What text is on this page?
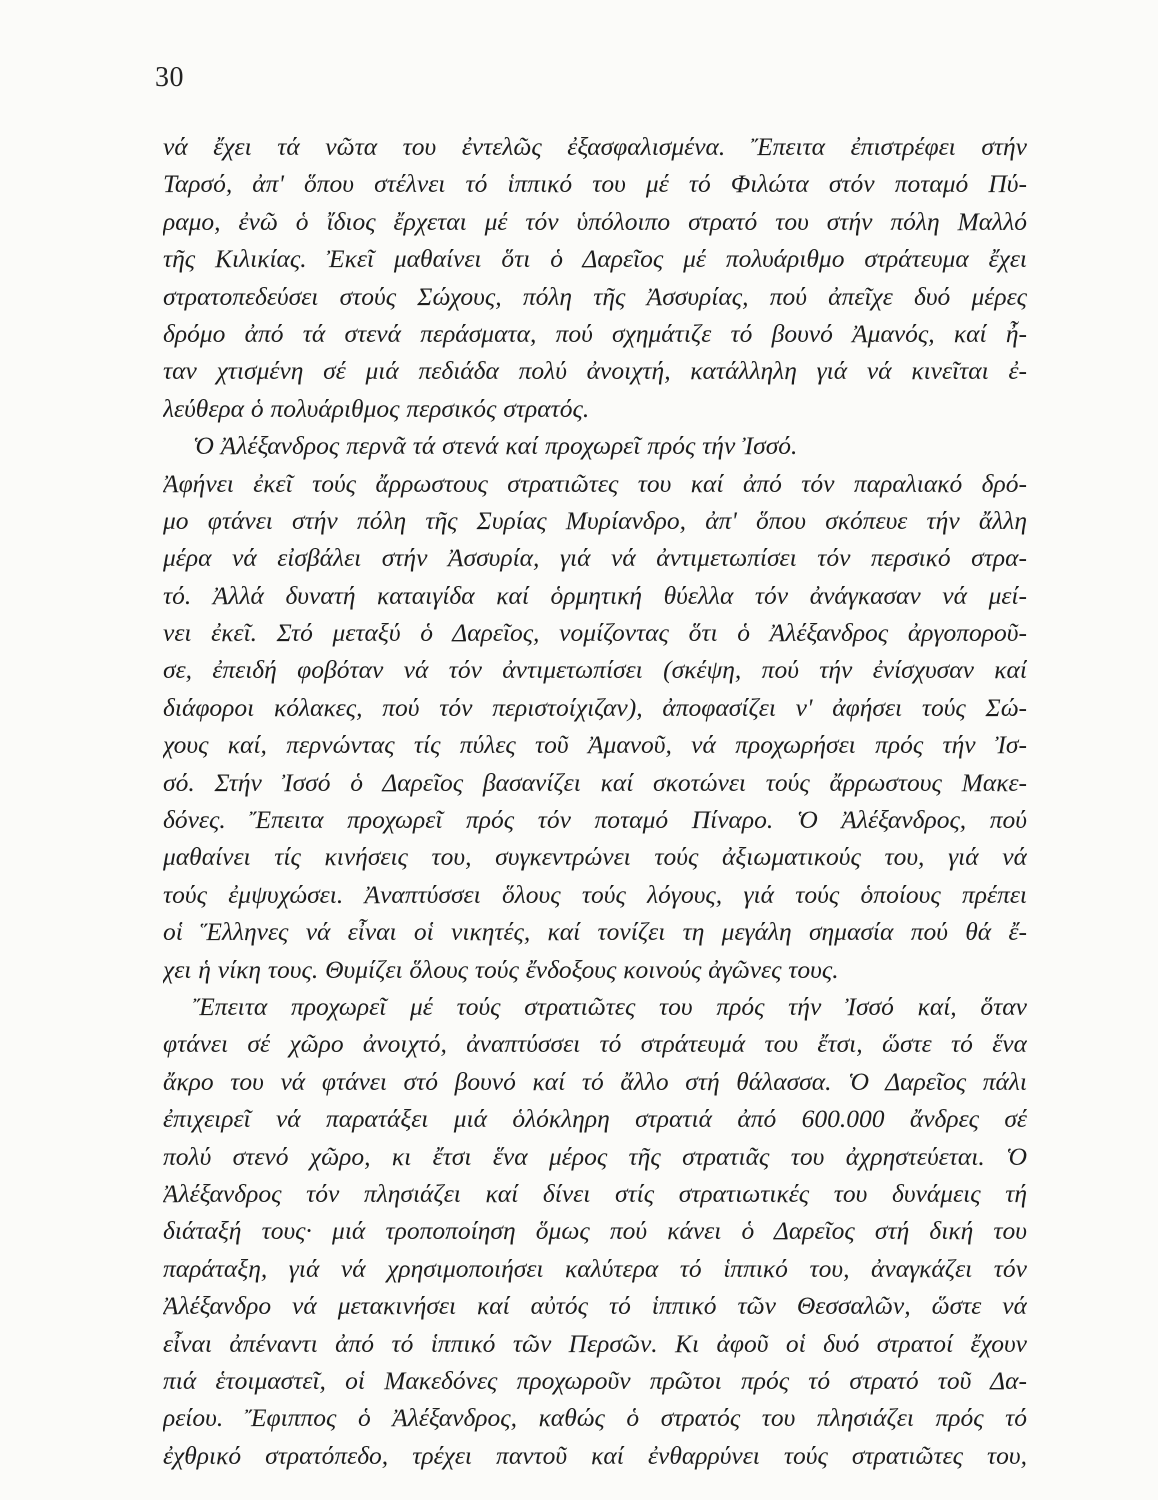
30
νά ἔχει τά νῶτα του ἐντελῶς ἐξασφαλισμένα. Ἔπειτα ἐπιστρέφει στήν
Ταρσό, ἀπ' ὅπου στέλνει τό ἱππικό του μέ τό Φιλώτα στόν ποταμό Πύ-
ραμο, ἐνῶ ὁ ἴδιος ἔρχεται μέ τόν ὑπόλοιπο στρατό του στήν πόλη Μαλλό
τῆς Κιλικίας. Ἐκεῖ μαθαίνει ὅτι ὁ Δαρεῖος μέ πολυάριθμο στράτευμα ἔχει
στρατοπεδεύσει στούς Σώχους, πόλη τῆς Ἀσσυρίας, πού ἀπεῖχε δυό μέρες
δρόμο ἀπό τά στενά περάσματα, πού σχημάτιζε τό βουνό Ἀμανός, καί ἦ-
ταν χτισμένη σέ μιά πεδιάδα πολύ ἀνοιχτή, κατάλληλη γιά νά κινεῖται ἐ-
λεύθερα ὁ πολυάριθμος περσικός στρατός.
Ὁ Ἀλέξανδρος περνᾶ τά στενά καί προχωρεῖ πρός τήν Ἰσσό.
Ἀφήνει ἐκεῖ τούς ἄρρωστους στρατιῶτες του καί ἀπό τόν παραλιακό δρό-
μο φτάνει στήν πόλη τῆς Συρίας Μυρίανδρο, ἀπ' ὅπου σκόπευε τήν ἄλλη
μέρα νά εἰσβάλει στήν Ἀσσυρία, γιά νά ἀντιμετωπίσει τόν περσικό στρα-
τό. Ἀλλά δυνατή καταιγίδα καί ὁρμητική θύελλα τόν ἀνάγκασαν νά μεί-
νει ἐκεῖ. Στό μεταξύ ὁ Δαρεῖος, νομίζοντας ὅτι ὁ Ἀλέξανδρος ἀργοποροῦ-
σε, ἐπειδή φοβόταν νά τόν ἀντιμετωπίσει (σκέψη, πού τήν ἐνίσχυσαν καί
διάφοροι κόλακες, πού τόν περιστοίχιζαν), ἀποφασίζει ν' ἀφήσει τούς Σώ-
χους καί, περνώντας τίς πύλες τοῦ Ἀμανοῦ, νά προχωρήσει πρός τήν Ἰσ-
σό. Στήν Ἰσσό ὁ Δαρεῖος βασανίζει καί σκοτώνει τούς ἄρρωστους Μακε-
δόνες. Ἔπειτα προχωρεῖ πρός τόν ποταμό Πίναρο. Ὁ Ἀλέξανδρος, πού
μαθαίνει τίς κινήσεις του, συγκεντρώνει τούς ἀξιωματικούς του, γιά νά
τούς ἐμψυχώσει. Ἀναπτύσσει ὅλους τούς λόγους, γιά τούς ὁποίους πρέπει
οἱ Ἕλληνες νά εἶναι οἱ νικητές, καί τονίζει τη μεγάλη σημασία πού θά ἔ-
χει ἡ νίκη τους. Θυμίζει ὅλους τούς ἔνδοξους κοινούς ἀγῶνες τους.
Ἔπειτα προχωρεῖ μέ τούς στρατιῶτες του πρός τήν Ἰσσό καί, ὅταν
φτάνει σέ χῶρο ἀνοιχτό, ἀναπτύσσει τό στράτευμά του ἔτσι, ὥστε τό ἕνα
ἄκρο του νά φτάνει στό βουνό καί τό ἄλλο στή θάλασσα. Ὁ Δαρεῖος πάλι
ἐπιχειρεῖ νά παρατάξει μιά ὁλόκληρη στρατιά ἀπό 600.000 ἄνδρες σέ
πολύ στενό χῶρο, κι ἔτσι ἕνα μέρος τῆς στρατιᾶς του ἀχρηστεύεται. Ὁ
Ἀλέξανδρος τόν πλησιάζει καί δίνει στίς στρατιωτικές του δυνάμεις τή
διάταξή τους· μιά τροποποίηση ὅμως πού κάνει ὁ Δαρεῖος στή δική του
παράταξη, γιά νά χρησιμοποιήσει καλύτερα τό ἱππικό του, ἀναγκάζει τόν
Ἀλέξανδρο νά μετακινήσει καί αὐτός τό ἱππικό τῶν Θεσσαλῶν, ὥστε νά
εἶναι ἀπέναντι ἀπό τό ἱππικό τῶν Περσῶν. Κι ἀφοῦ οἱ δυό στρατοί ἔχουν
πιά ἑτοιμαστεῖ, οἱ Μακεδόνες προχωροῦν πρῶτοι πρός τό στρατό τοῦ Δα-
ρείου. Ἔφιππος ὁ Ἀλέξανδρος, καθώς ὁ στρατός του πλησιάζει πρός τό
ἐχθρικό στρατόπεδο, τρέχει παντοῦ καί ἐνθαρρύνει τούς στρατιῶτες του,
